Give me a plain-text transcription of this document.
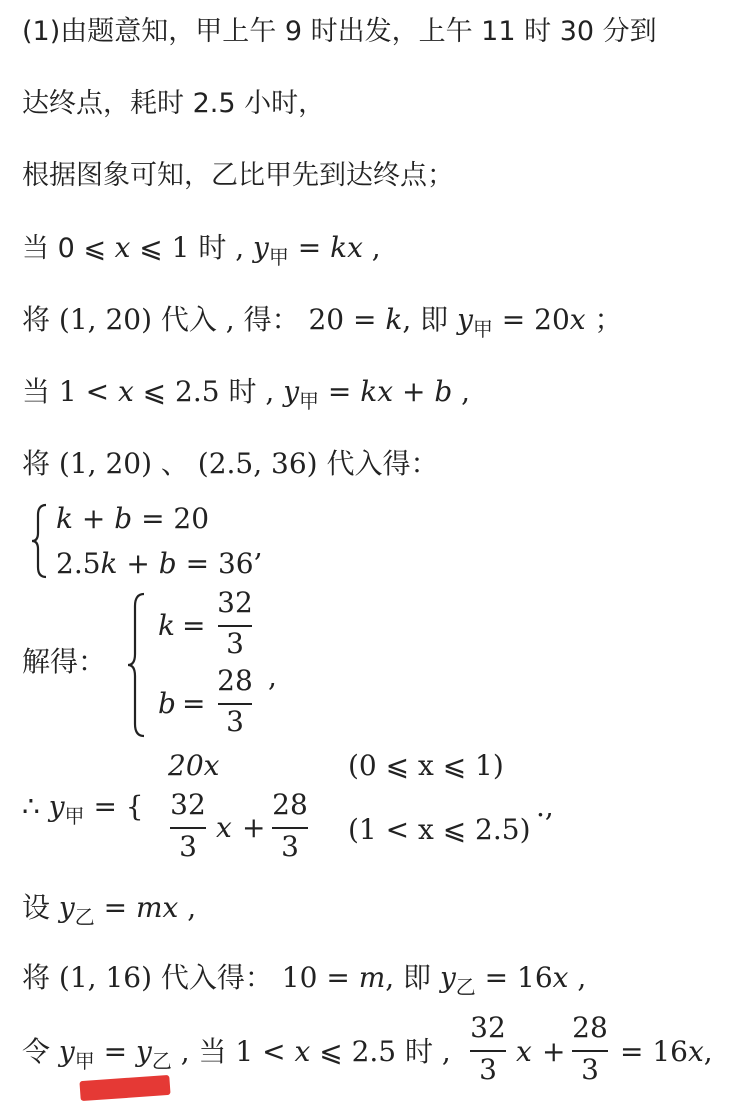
(1)由题意知，甲上午 9 时出发，上午 11 时 30 分到
达终点，耗时 2.5 小时，
根据图象可知，乙比甲先到达终点；
当 0 ⩽ x ⩽ 1 时 , $y_甲$ = kx ,
将 (1, 20) 代入 , 得： 20 = k, 即 $y_甲 = 20x$ ；
当 1 < x ⩽ 2.5 时 , $y_甲$ = kx + b ,
将 (1, 20) 、 (2.5, 36) 代入得：
k + b = 20
2.5k + b = 36
,
解得：
k =
32
3
b =
28
3
,
∴ $y_甲$ = {
20x	(0 ⩽ x ⩽ 1)
32
3
x +
28
3
(1 < x ⩽ 2.5)
.,
设 $y_乙$ = mx ,
将 (1, 16) 代入得： 10 = m, 即 $y_乙 = 16x$ ,
令 $y_甲 = y_乙$ , 当 1 < x ⩽ 2.5 时 ,
32
3
x +
28
3
= 16x,
